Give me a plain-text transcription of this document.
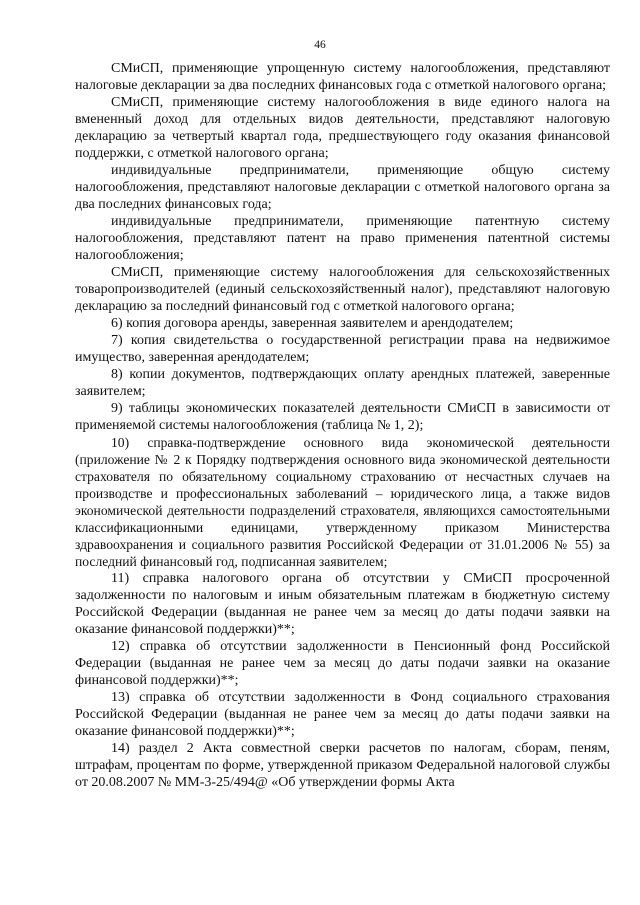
46

СМиСП, применяющие упрощенную систему налогообложения, представляют налоговые декларации за два последних финансовых года с отметкой налогового органа;

СМиСП, применяющие систему налогообложения в виде единого налога на вмененный доход для отдельных видов деятельности, представляют налоговую декларацию за четвертый квартал года, предшествующего году оказания финансовой поддержки, с отметкой налогового органа;

индивидуальные предприниматели, применяющие общую систему налогообложения, представляют налоговые декларации с отметкой налогового органа за два последних финансовых года;

индивидуальные предприниматели, применяющие патентную систему налогообложения, представляют патент на право применения патентной системы налогообложения;

СМиСП, применяющие систему налогообложения для сельскохозяйственных товаропроизводителей (единый сельскохозяйственный налог), представляют налоговую декларацию за последний финансовый год с отметкой налогового органа;

6) копия договора аренды, заверенная заявителем и арендодателем;

7) копия свидетельства о государственной регистрации права на недвижимое имущество, заверенная арендодателем;

8) копии документов, подтверждающих оплату арендных платежей, заверенные заявителем;

9) таблицы экономических показателей деятельности СМиСП в зависимости от применяемой системы налогообложения (таблица № 1, 2);

10) справка-подтверждение основного вида экономической деятельности (приложение № 2 к Порядку подтверждения основного вида экономической деятельности страхователя по обязательному социальному страхованию от несчастных случаев на производстве и профессиональных заболеваний – юридического лица, а также видов экономической деятельности подразделений страхователя, являющихся самостоятельными классификационными единицами, утвержденному приказом Министерства здравоохранения и социального развития Российской Федерации от 31.01.2006 № 55) за последний финансовый год, подписанная заявителем;

11) справка налогового органа об отсутствии у СМиСП просроченной задолженности по налоговым и иным обязательным платежам в бюджетную систему Российской Федерации (выданная не ранее чем за месяц до даты подачи заявки на оказание финансовой поддержки)**;

12) справка об отсутствии задолженности в Пенсионный фонд Российской Федерации (выданная не ранее чем за месяц до даты подачи заявки на оказание финансовой поддержки)**;

13) справка об отсутствии задолженности в Фонд социального страхования Российской Федерации (выданная не ранее чем за месяц до даты подачи заявки на оказание финансовой поддержки)**;

14) раздел 2 Акта совместной сверки расчетов по налогам, сборам, пеням, штрафам, процентам по форме, утвержденной приказом Федеральной налоговой службы от 20.08.2007 № ММ-3-25/494@ «Об утверждении формы Акта
